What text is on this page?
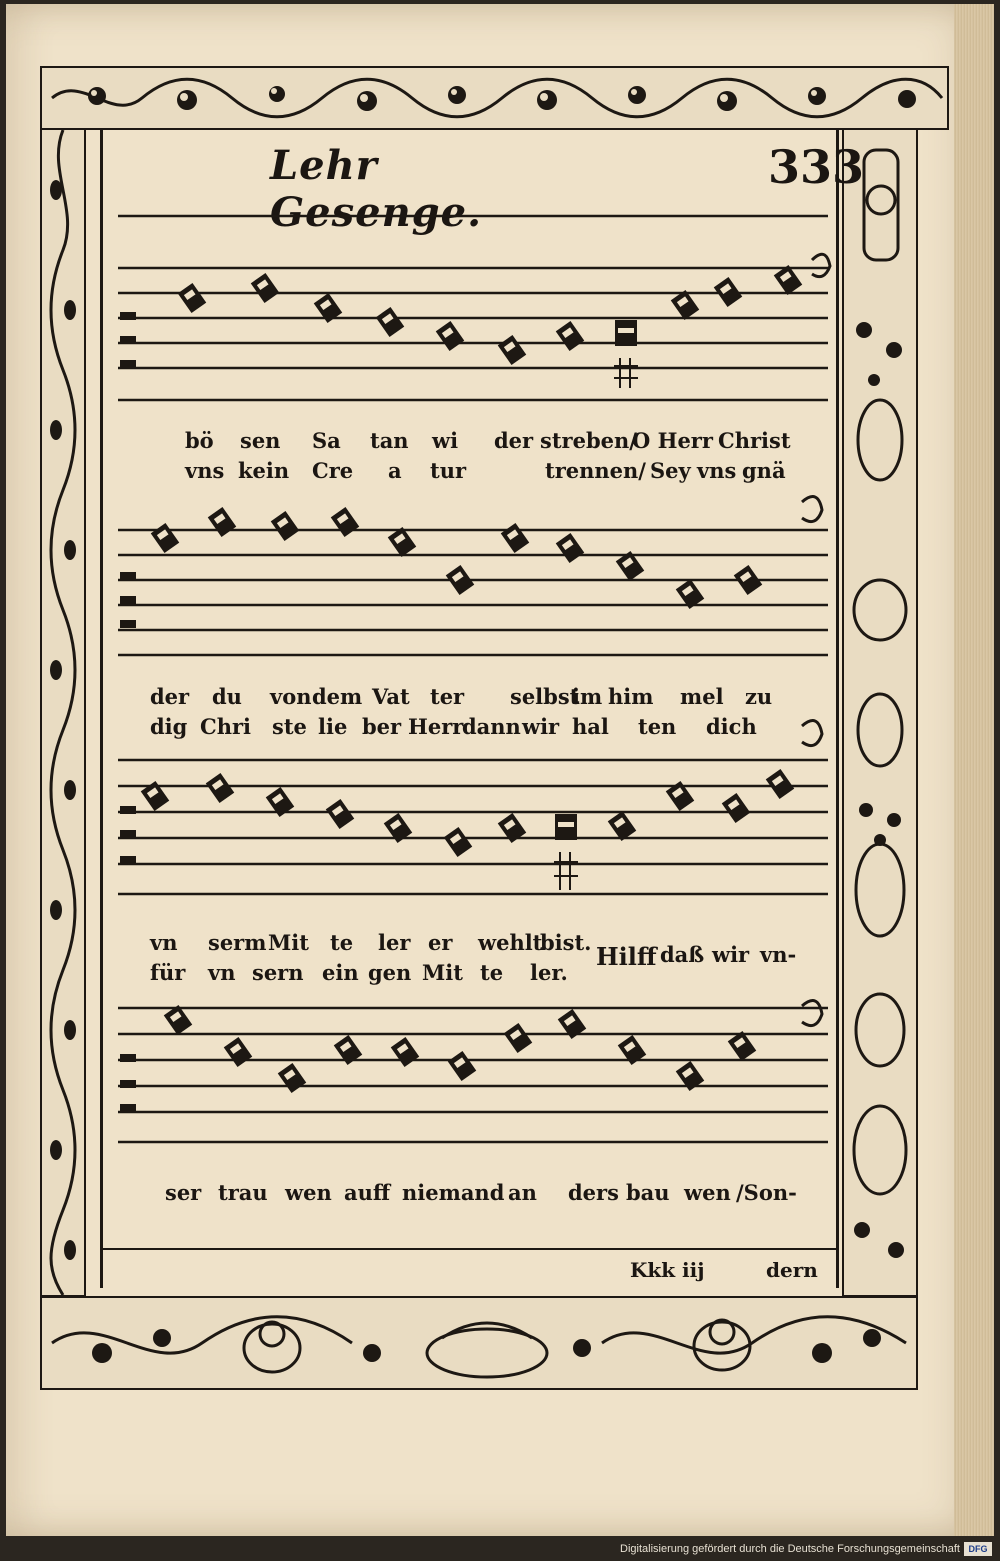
Lehr Gesenge.
333
bö sen Sa tan wi der streben/
O Herr Christ
vns kein Cre a tur	trennen/ Sey vns gnä
der du von dem Vat ter selbst
im him mel zu
dig Chri ste lie ber Herr
dann wir hal ten dich
vn serm Mit te ler er wehlt
bist.
für vn sern ein gen Mit te ler.
Hilff daß wir vn-
ser trau wen auff niemand an ders bau wen /Son-
Kkk iij	dern
Digitalisierung gefördert durch die Deutsche Forschungsgemeinschaft DFG
